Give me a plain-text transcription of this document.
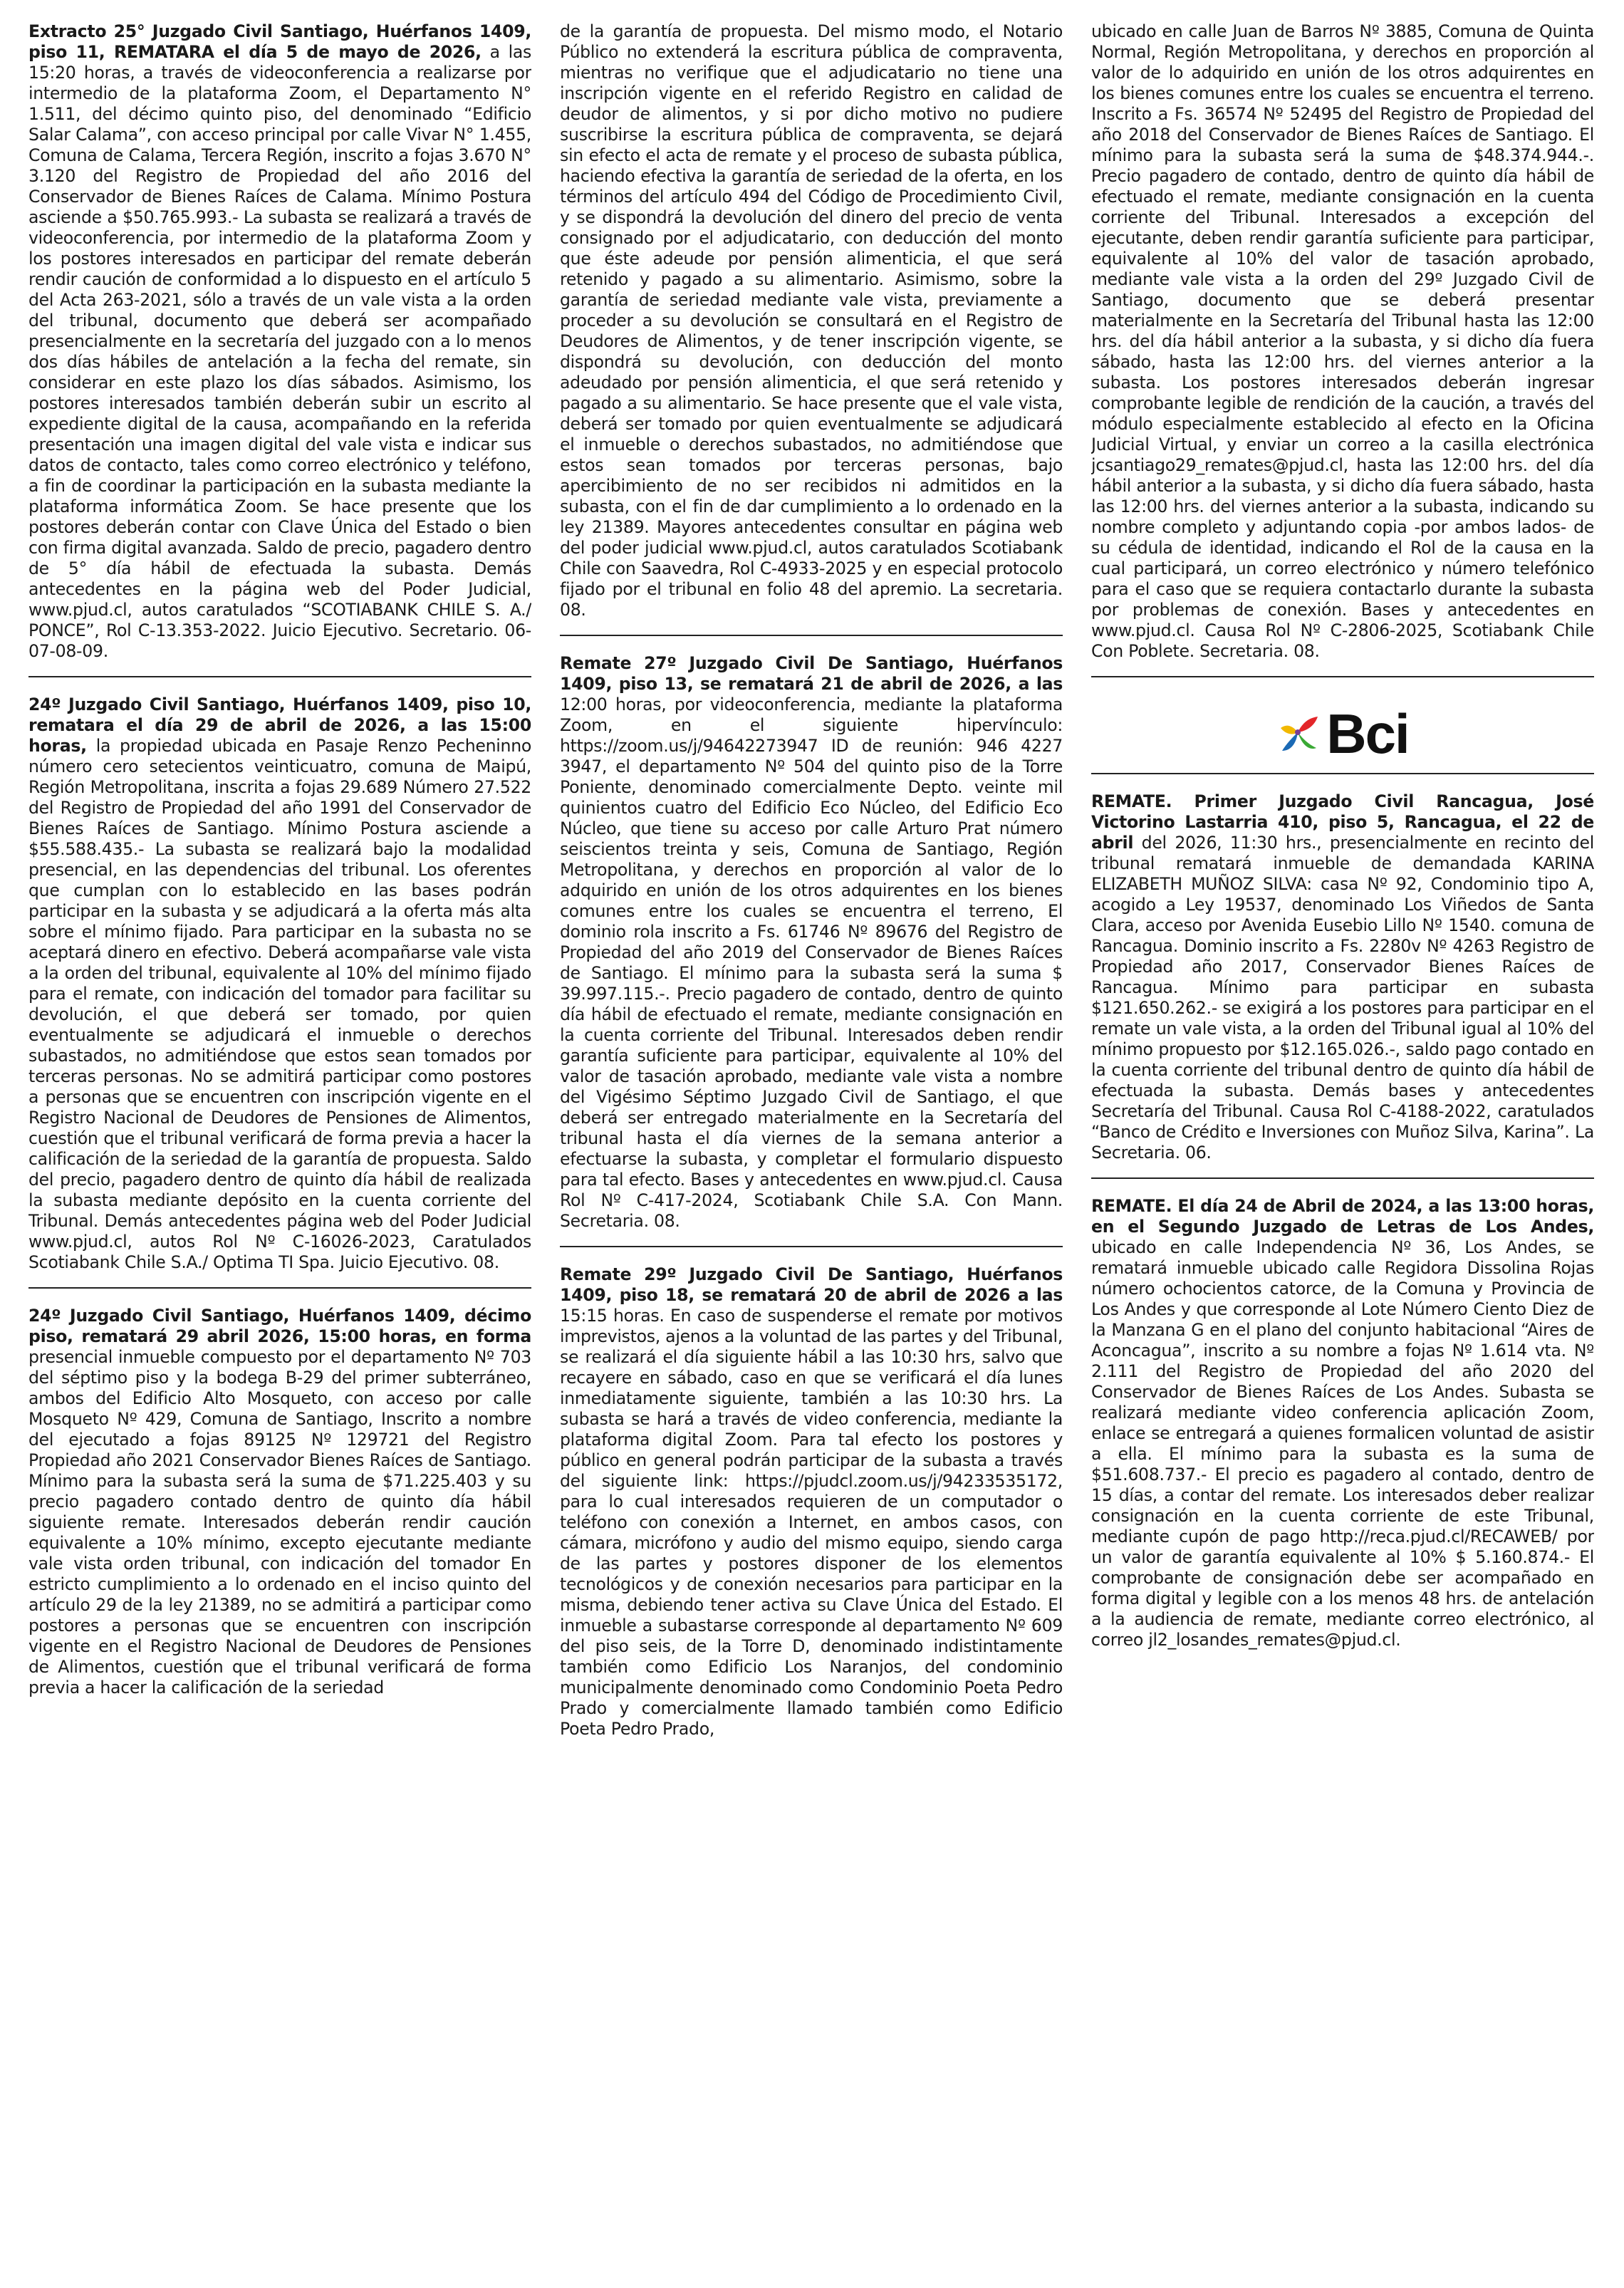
Extracto 25° Juzgado Civil Santiago, Huérfanos 1409, piso 11, REMATARA el día 5 de mayo de 2026, a las 15:20 horas, a través de videoconferencia a realizarse por intermedio de la plataforma Zoom, el Departamento N° 1.511, del décimo quinto piso, del denominado “Edificio Salar Calama”, con acceso principal por calle Vivar N° 1.455, Comuna de Calama, Tercera Región, inscrito a fojas 3.670 N° 3.120 del Registro de Propiedad del año 2016 del Conservador de Bienes Raíces de Calama. Mínimo Postura asciende a $50.765.993.- La subasta se realizará a través de videoconferencia, por intermedio de la plataforma Zoom y los postores interesados en participar del remate deberán rendir caución de conformidad a lo dispuesto en el artículo 5 del Acta 263-2021, sólo a través de un vale vista a la orden del tribunal, documento que deberá ser acompañado presencialmente en la secretaría del juzgado con a lo menos dos días hábiles de antelación a la fecha del remate, sin considerar en este plazo los días sábados. Asimismo, los postores interesados también deberán subir un escrito al expediente digital de la causa, acompañando en la referida presentación una imagen digital del vale vista e indicar sus datos de contacto, tales como correo electrónico y teléfono, a fin de coordinar la participación en la subasta mediante la plataforma informática Zoom. Se hace presente que los postores deberán contar con Clave Única del Estado o bien con firma digital avanzada. Saldo de precio, pagadero dentro de 5° día hábil de efectuada la subasta. Demás antecedentes en la página web del Poder Judicial, www.pjud.cl, autos caratulados “SCOTIABANK CHILE S. A./ PONCE”, Rol C-13.353-2022. Juicio Ejecutivo. Secretario. 06-07-08-09.
24º Juzgado Civil Santiago, Huérfanos 1409, piso 10, rematara el día 29 de abril de 2026, a las 15:00 horas, la propiedad ubicada en Pasaje Renzo Pecheninno número cero setecientos veinticuatro, comuna de Maipú, Región Metropolitana, inscrita a fojas 29.689 Número 27.522 del Registro de Propiedad del año 1991 del Conservador de Bienes Raíces de Santiago. Mínimo Postura asciende a $55.588.435.- La subasta se realizará bajo la modalidad presencial, en las dependencias del tribunal. Los oferentes que cumplan con lo establecido en las bases podrán participar en la subasta y se adjudicará a la oferta más alta sobre el mínimo fijado. Para participar en la subasta no se aceptará dinero en efectivo. Deberá acompañarse vale vista a la orden del tribunal, equivalente al 10% del mínimo fijado para el remate, con indicación del tomador para facilitar su devolución, el que deberá ser tomado, por quien eventualmente se adjudicará el inmueble o derechos subastados, no admitiéndose que estos sean tomados por terceras personas. No se admitirá participar como postores a personas que se encuentren con inscripción vigente en el Registro Nacional de Deudores de Pensiones de Alimentos, cuestión que el tribunal verificará de forma previa a hacer la calificación de la seriedad de la garantía de propuesta. Saldo del precio, pagadero dentro de quinto día hábil de realizada la subasta mediante depósito en la cuenta corriente del Tribunal. Demás antecedentes página web del Poder Judicial www.pjud.cl, autos Rol Nº C-16026-2023, Caratulados Scotiabank Chile S.A./ Optima TI Spa. Juicio Ejecutivo. 08.
24º Juzgado Civil Santiago, Huérfanos 1409, décimo piso, rematará 29 abril 2026, 15:00 horas, en forma presencial inmueble compuesto por el departamento Nº 703 del séptimo piso y la bodega B-29 del primer subterráneo, ambos del Edificio Alto Mosqueto, con acceso por calle Mosqueto Nº 429, Comuna de Santiago, Inscrito a nombre del ejecutado a fojas 89125 Nº 129721 del Registro Propiedad año 2021 Conservador Bienes Raíces de Santiago. Mínimo para la subasta será la suma de $71.225.403 y su precio pagadero contado dentro de quinto día hábil siguiente remate. Interesados deberán rendir caución equivalente a 10% mínimo, excepto ejecutante mediante vale vista orden tribunal, con indicación del tomador En estricto cumplimiento a lo ordenado en el inciso quinto del artículo 29 de la ley 21389, no se admitirá a participar como postores a personas que se encuentren con inscripción vigente en el Registro Nacional de Deudores de Pensiones de Alimentos, cuestión que el tribunal verificará de forma previa a hacer la calificación de la seriedad
de la garantía de propuesta. Del mismo modo, el Notario Público no extenderá la escritura pública de compraventa, mientras no verifique que el adjudicatario no tiene una inscripción vigente en el referido Registro en calidad de deudor de alimentos, y si por dicho motivo no pudiere suscribirse la escritura pública de compraventa, se dejará sin efecto el acta de remate y el proceso de subasta pública, haciendo efectiva la garantía de seriedad de la oferta, en los términos del artículo 494 del Código de Procedimiento Civil, y se dispondrá la devolución del dinero del precio de venta consignado por el adjudicatario, con deducción del monto que éste adeude por pensión alimenticia, el que será retenido y pagado a su alimentario. Asimismo, sobre la garantía de seriedad mediante vale vista, previamente a proceder a su devolución se consultará en el Registro de Deudores de Alimentos, y de tener inscripción vigente, se dispondrá su devolución, con deducción del monto adeudado por pensión alimenticia, el que será retenido y pagado a su alimentario. Se hace presente que el vale vista, deberá ser tomado por quien eventualmente se adjudicará el inmueble o derechos subastados, no admitiéndose que estos sean tomados por terceras personas, bajo apercibimiento de no ser recibidos ni admitidos en la subasta, con el fin de dar cumplimiento a lo ordenado en la ley 21389. Mayores antecedentes consultar en página web del poder judicial www.pjud.cl, autos caratulados Scotiabank Chile con Saavedra, Rol C-4933-2025 y en especial protocolo fijado por el tribunal en folio 48 del apremio. La secretaria. 08.
Remate 27º Juzgado Civil De Santiago, Huérfanos 1409, piso 13, se rematará 21 de abril de 2026, a las 12:00 horas, por videoconferencia, mediante la plataforma Zoom, en el siguiente hipervínculo: https://zoom.us/j/94642273947 ID de reunión: 946 4227 3947, el departamento Nº 504 del quinto piso de la Torre Poniente, denominado comercialmente Depto. veinte mil quinientos cuatro del Edificio Eco Núcleo, del Edificio Eco Núcleo, que tiene su acceso por calle Arturo Prat número seiscientos treinta y seis, Comuna de Santiago, Región Metropolitana, y derechos en proporción al valor de lo adquirido en unión de los otros adquirentes en los bienes comunes entre los cuales se encuentra el terreno, El dominio rola inscrito a Fs. 61746 Nº 89676 del Registro de Propiedad del año 2019 del Conservador de Bienes Raíces de Santiago. El mínimo para la subasta será la suma $ 39.997.115.-. Precio pagadero de contado, dentro de quinto día hábil de efectuado el remate, mediante consignación en la cuenta corriente del Tribunal. Interesados deben rendir garantía suficiente para participar, equivalente al 10% del valor de tasación aprobado, mediante vale vista a nombre del Vigésimo Séptimo Juzgado Civil de Santiago, el que deberá ser entregado materialmente en la Secretaría del tribunal hasta el día viernes de la semana anterior a efectuarse la subasta, y completar el formulario dispuesto para tal efecto. Bases y antecedentes en www.pjud.cl. Causa Rol Nº C-417-2024, Scotiabank Chile S.A. Con Mann. Secretaria. 08.
Remate 29º Juzgado Civil De Santiago, Huérfanos 1409, piso 18, se rematará 20 de abril de 2026 a las 15:15 horas. En caso de suspenderse el remate por motivos imprevistos, ajenos a la voluntad de las partes y del Tribunal, se realizará el día siguiente hábil a las 10:30 hrs, salvo que recayere en sábado, caso en que se verificará el día lunes inmediatamente siguiente, también a las 10:30 hrs. La subasta se hará a través de video conferencia, mediante la plataforma digital Zoom. Para tal efecto los postores y público en general podrán participar de la subasta a través del siguiente link: https://pjudcl.zoom.us/j/94233535172, para lo cual interesados requieren de un computador o teléfono con conexión a Internet, en ambos casos, con cámara, micrófono y audio del mismo equipo, siendo carga de las partes y postores disponer de los elementos tecnológicos y de conexión necesarios para participar en la misma, debiendo tener activa su Clave Única del Estado. El inmueble a subastarse corresponde al departamento Nº 609 del piso seis, de la Torre D, denominado indistintamente también como Edificio Los Naranjos, del condominio municipalmente denominado como Condominio Poeta Pedro Prado y comercialmente llamado también como Edificio Poeta Pedro Prado,
ubicado en calle Juan de Barros Nº 3885, Comuna de Quinta Normal, Región Metropolitana, y derechos en proporción al valor de lo adquirido en unión de los otros adquirentes en los bienes comunes entre los cuales se encuentra el terreno. Inscrito a Fs. 36574 Nº 52495 del Registro de Propiedad del año 2018 del Conservador de Bienes Raíces de Santiago. El mínimo para la subasta será la suma de $48.374.944.-. Precio pagadero de contado, dentro de quinto día hábil de efectuado el remate, mediante consignación en la cuenta corriente del Tribunal. Interesados a excepción del ejecutante, deben rendir garantía suficiente para participar, equivalente al 10% del valor de tasación aprobado, mediante vale vista a la orden del 29º Juzgado Civil de Santiago, documento que se deberá presentar materialmente en la Secretaría del Tribunal hasta las 12:00 hrs. del día hábil anterior a la subasta, y si dicho día fuera sábado, hasta las 12:00 hrs. del viernes anterior a la subasta. Los postores interesados deberán ingresar comprobante legible de rendición de la caución, a través del módulo especialmente establecido al efecto en la Oficina Judicial Virtual, y enviar un correo a la casilla electrónica jcsantiago29_remates@pjud.cl, hasta las 12:00 hrs. del día hábil anterior a la subasta, y si dicho día fuera sábado, hasta las 12:00 hrs. del viernes anterior a la subasta, indicando su nombre completo y adjuntando copia -por ambos lados- de su cédula de identidad, indicando el Rol de la causa en la cual participará, un correo electrónico y número telefónico para el caso que se requiera contactarlo durante la subasta por problemas de conexión. Bases y antecedentes en www.pjud.cl. Causa Rol Nº C-2806-2025, Scotiabank Chile Con Poblete. Secretaria. 08.
Bci
REMATE. Primer Juzgado Civil Rancagua, José Victorino Lastarria 410, piso 5, Rancagua, el 22 de abril del 2026, 11:30 hrs., presencialmente en recinto del tribunal rematará inmueble de demandada KARINA ELIZABETH MUÑOZ SILVA: casa Nº 92, Condominio tipo A, acogido a Ley 19537, denominado Los Viñedos de Santa Clara, acceso por Avenida Eusebio Lillo Nº 1540. comuna de Rancagua. Dominio inscrito a Fs. 2280v Nº 4263 Registro de Propiedad año 2017, Conservador Bienes Raíces de Rancagua. Mínimo para participar en subasta $121.650.262.- se exigirá a los postores para participar en el remate un vale vista, a la orden del Tribunal igual al 10% del mínimo propuesto por $12.165.026.-, saldo pago contado en la cuenta corriente del tribunal dentro de quinto día hábil de efectuada la subasta. Demás bases y antecedentes Secretaría del Tribunal. Causa Rol C-4188-2022, caratulados “Banco de Crédito e Inversiones con Muñoz Silva, Karina”. La Secretaria. 06.
REMATE. El día 24 de Abril de 2024, a las 13:00 horas, en el Segundo Juzgado de Letras de Los Andes, ubicado en calle Independencia Nº 36, Los Andes, se rematará inmueble ubicado calle Regidora Dissolina Rojas número ochocientos catorce, de la Comuna y Provincia de Los Andes y que corresponde al Lote Número Ciento Diez de la Manzana G en el plano del conjunto habitacional “Aires de Aconcagua”, inscrito a su nombre a fojas Nº 1.614 vta. Nº 2.111 del Registro de Propiedad del año 2020 del Conservador de Bienes Raíces de Los Andes. Subasta se realizará mediante video conferencia aplicación Zoom, enlace se entregará a quienes formalicen voluntad de asistir a ella. El mínimo para la subasta es la suma de $51.608.737.- El precio es pagadero al contado, dentro de 15 días, a contar del remate. Los interesados deber realizar consignación en la cuenta corriente de este Tribunal, mediante cupón de pago http://reca.pjud.cl/RECAWEB/ por un valor de garantía equivalente al 10% $ 5.160.874.- El comprobante de consignación debe ser acompañado en forma digital y legible con a los menos 48 hrs. de antelación a la audiencia de remate, mediante correo electrónico, al correo jl2_losandes_remates@pjud.cl.
